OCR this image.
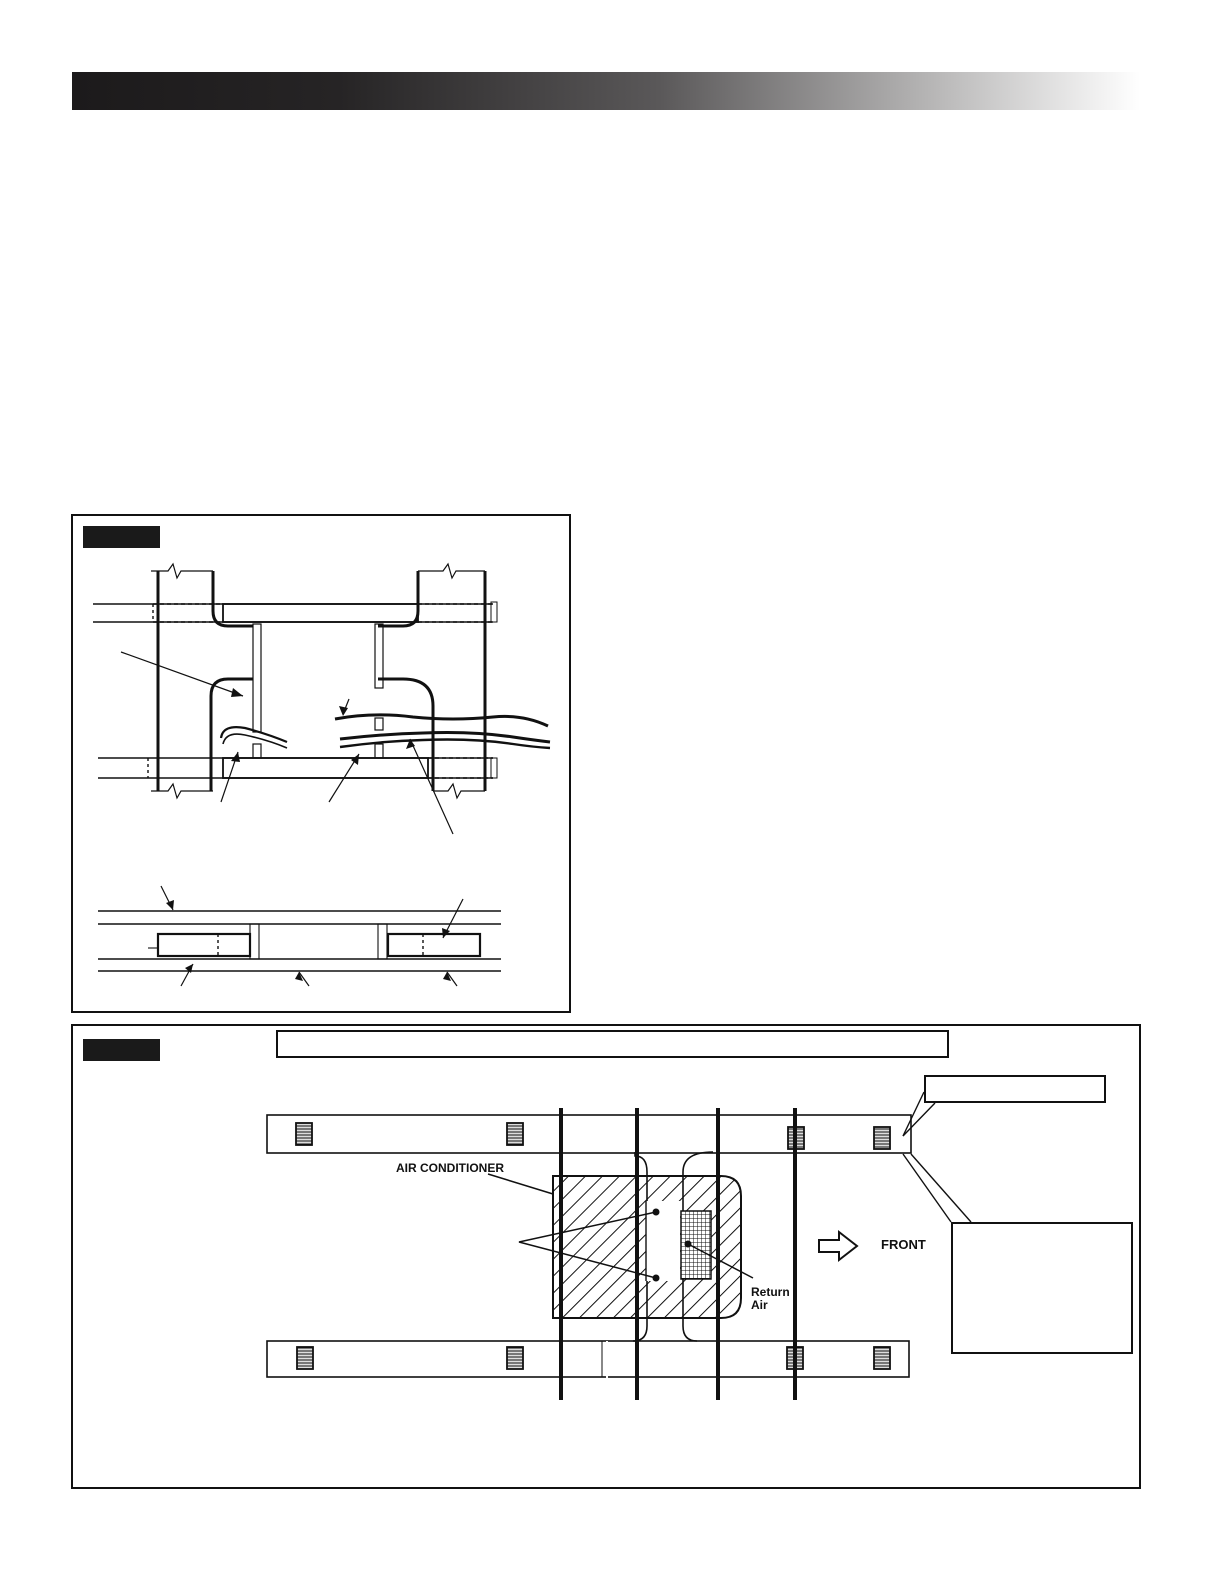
AIR CONDITIONER
Return
Air
FRONT
